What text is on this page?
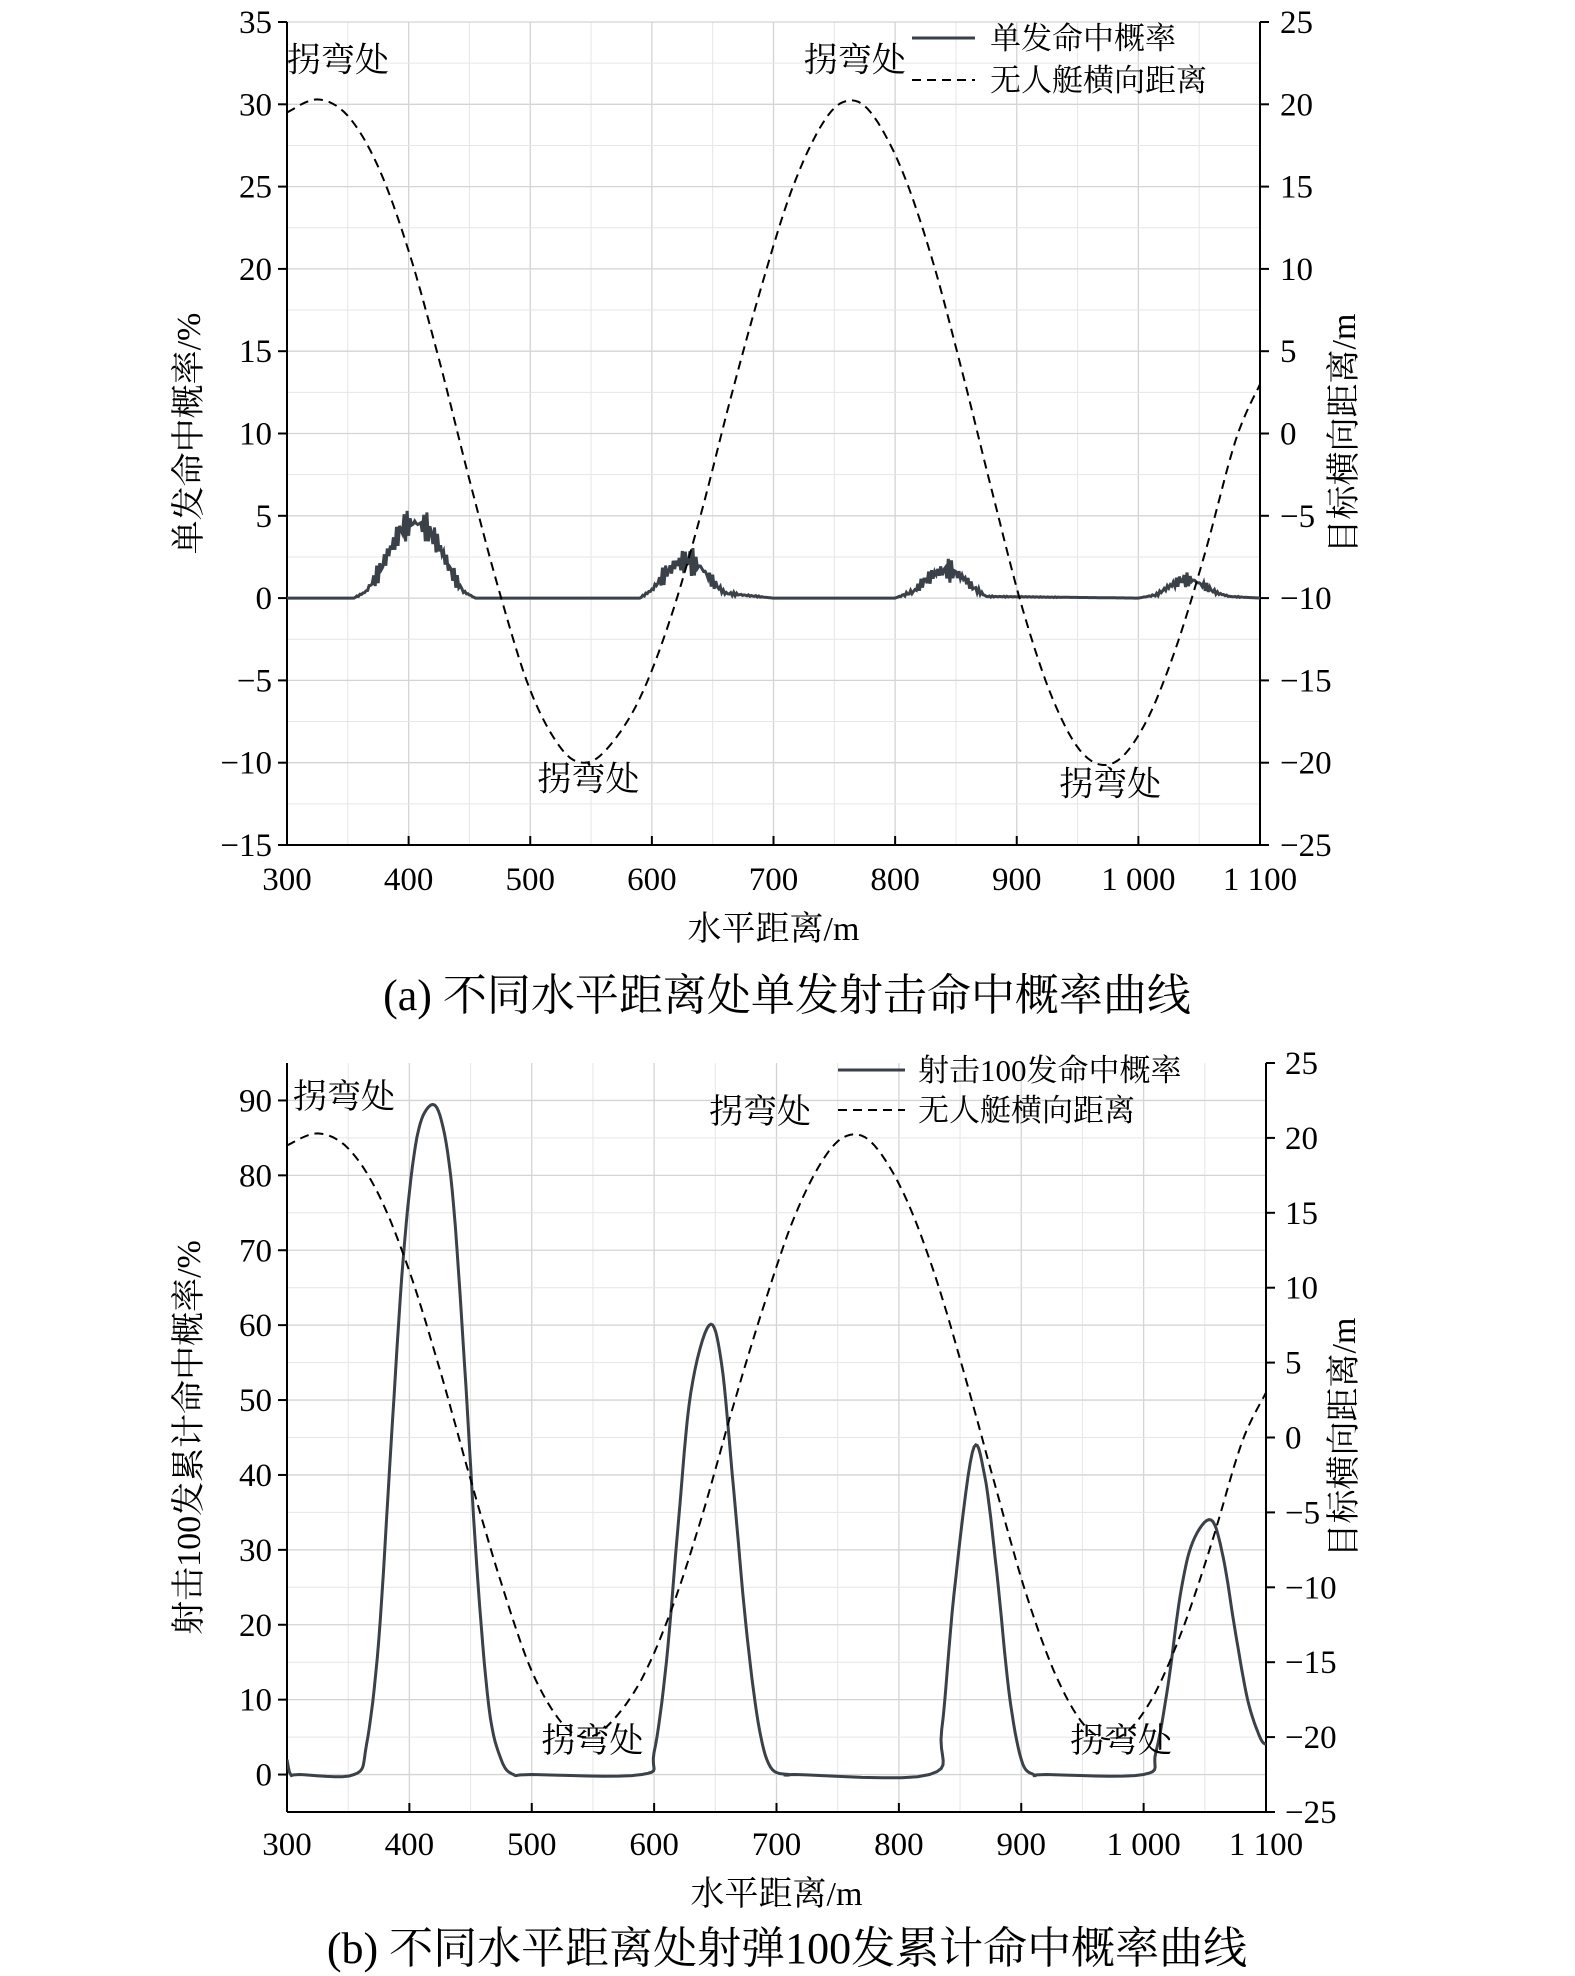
300 400 500 600 700 800 900 1 000 1 100
−15
−10
−5
0
5
10
15
20
25
30
35
−25
−20
−15
−10
−5
0
5
10
15
20
25
水平距离/m
单发命中概率/%	目标横向距离/m
(a) 不同水平距离处单发射击命中概率曲线
单发命中概率
无人艇横向距离
拐弯处	拐弯处
拐弯处	拐弯处
300 400 500 600 700 800 900 1 000 1 100
0
10
20
30
40
50
60
70
80
90
−25
−20
−15
−10
−5
0
5
10
15
20
25
水平距离/m
射击100发累计命中概率/%	目标横向距离/m
(b) 不同水平距离处射弹100发累计命中概率曲线
射击100发命中概率
无人艇横向距离
拐弯处	拐弯处
拐弯处	拐弯处
